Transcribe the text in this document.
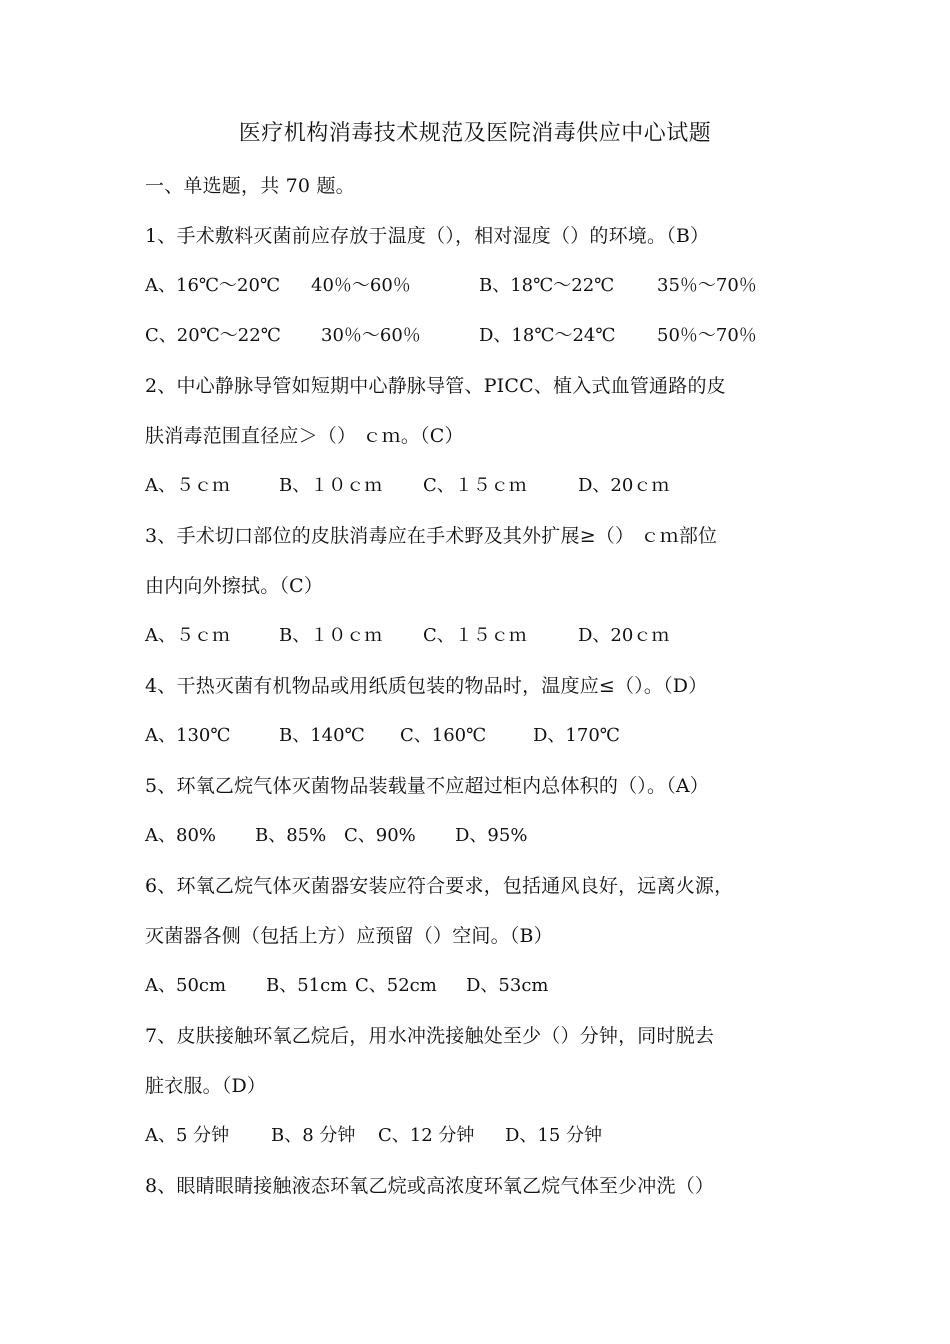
医疗机构消毒技术规范及医院消毒供应中心试题
一、单选题，共 70 题。
1、手术敷料灭菌前应存放于温度（），相对湿度（）的环境。（B）
A、16℃～20℃ 40％～60％	B、18℃～22℃ 35％～70％
C、20℃～22℃ 30％～60％	D、18℃～24℃ 50％～70％
2、中心静脉导管如短期中心静脉导管、PICC、植入式血管通路的皮
肤消毒范围直径应＞（） ｃｍ。（C）
A、５ｃｍ	B、１０ｃｍ C、１５ｃｍ	D、20ｃｍ
3、手术切口部位的皮肤消毒应在手术野及其外扩展≥（） ｃｍ部位
由内向外擦拭。（C）
A、５ｃｍ	B、１０ｃｍ C、１５ｃｍ	D、20ｃｍ
4、干热灭菌有机物品或用纸质包装的物品时，温度应≤（）。（D）
A、130℃	B、140℃ C、160℃	D、170℃
5、环氧乙烷气体灭菌物品装载量不应超过柜内总体积的（）。（A）
A、80% B、85% C、90% D、95%
6、环氧乙烷气体灭菌器安装应符合要求，包括通风良好，远离火源，
灭菌器各侧（包括上方）应预留（）空间。（B）
A、50cm B、51cm C、52cm D、53cm
7、皮肤接触环氧乙烷后，用水冲洗接触处至少（）分钟，同时脱去
脏衣服。（D）
A、5 分钟 B、8 分钟 C、12 分钟 D、15 分钟
8、眼睛眼睛接触液态环氧乙烷或高浓度环氧乙烷气体至少冲洗（）
